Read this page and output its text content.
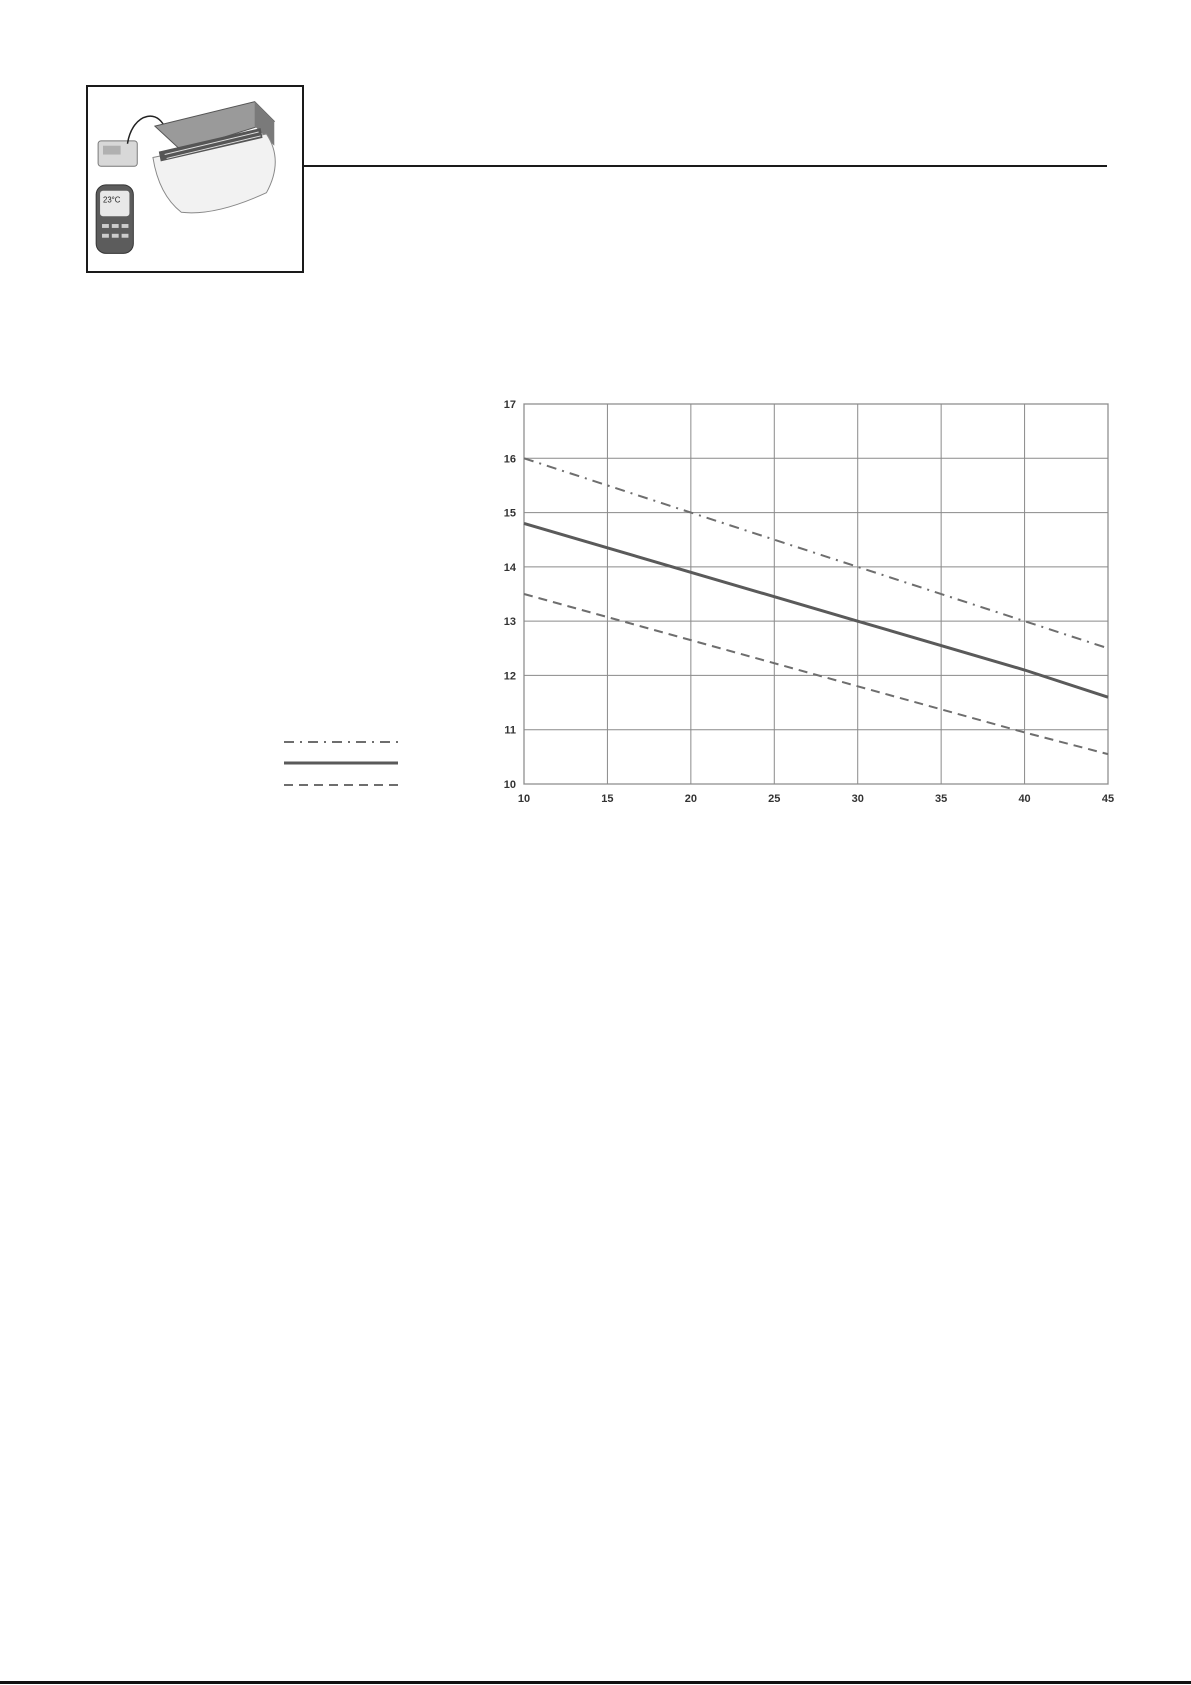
23°C
10	15	20	25	30	35	40	45
10
11
12
13
14
15
16
17
